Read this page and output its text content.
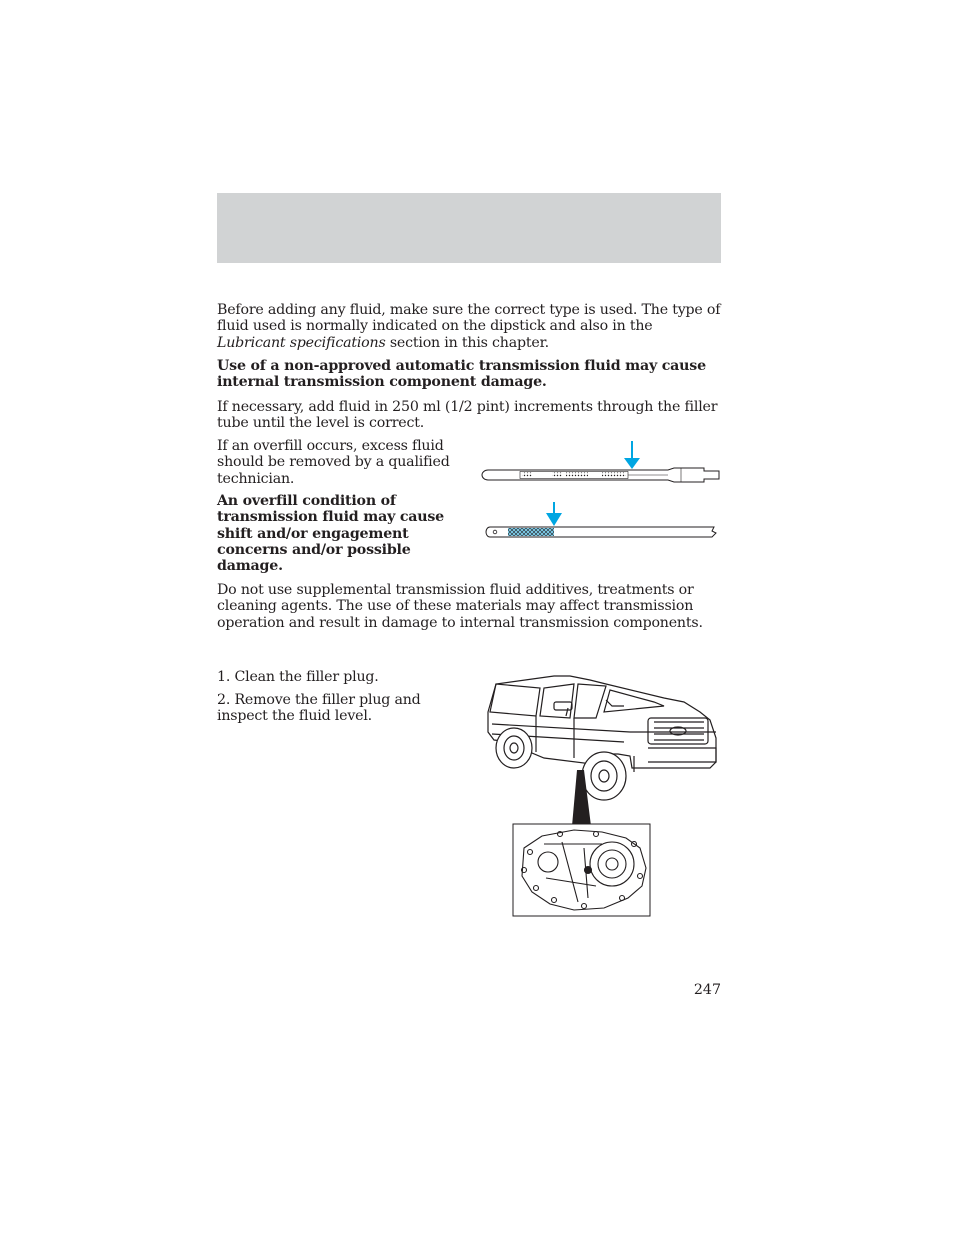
Before adding any fluid, make sure the correct type is used. The type of fluid used is normally indicated on the dipstick and also in the Lubricant specifications section in this chapter.

Use of a non-approved automatic transmission fluid may cause internal transmission component damage.

If necessary, add fluid in 250 ml (1/2 pint) increments through the filler tube until the level is correct.

If an overfill occurs, excess fluid should be removed by a qualified technician.

An overfill condition of transmission fluid may cause shift and/or engagement concerns and/or possible damage.

Do not use supplemental transmission fluid additives, treatments or cleaning agents. The use of these materials may affect transmission operation and result in damage to internal transmission components.

1. Clean the filler plug.

2. Remove the filler plug and inspect the fluid level.

247
